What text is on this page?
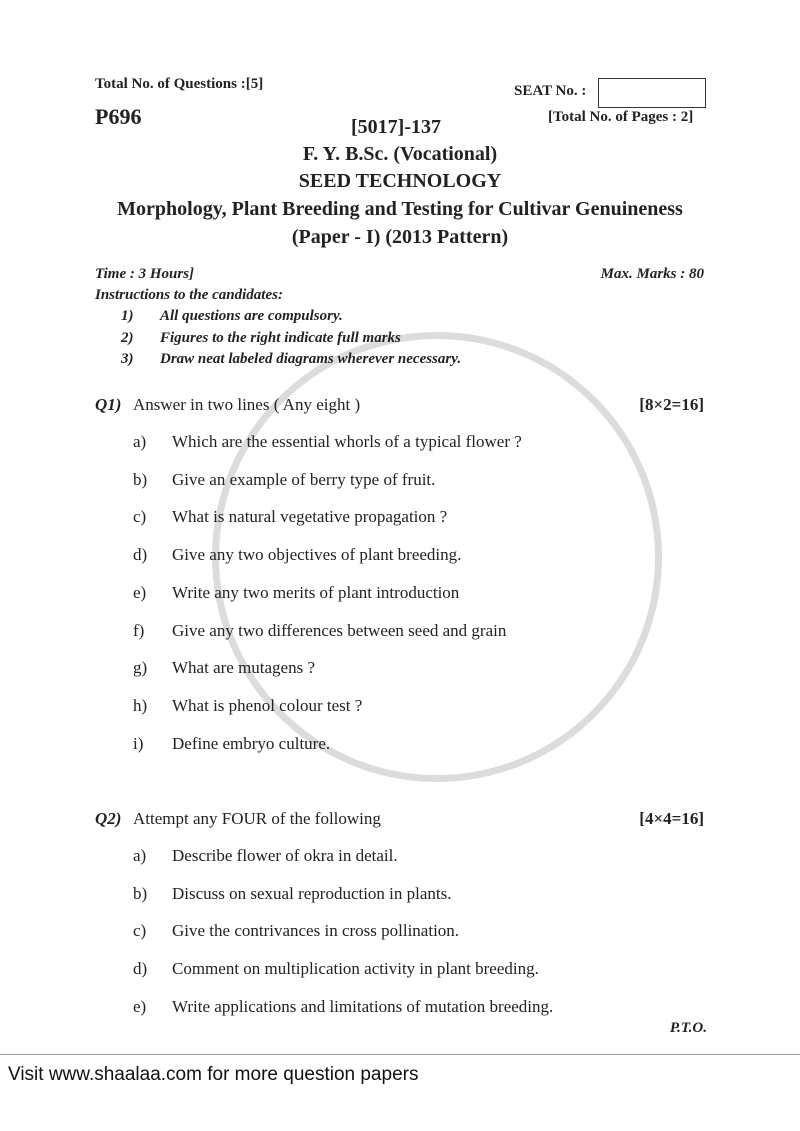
Total No. of Questions :[5]	SEAT No. :
P696	[Total No. of Pages : 2]
[5017]-137
F. Y. B.Sc. (Vocational)
SEED TECHNOLOGY
Morphology, Plant Breeding and Testing for Cultivar Genuineness
(Paper - I) (2013 Pattern)
Time : 3 Hours]	Max. Marks : 80
Instructions to the candidates:
1) All questions are compulsory.
2) Figures to the right indicate full marks
3) Draw neat labeled diagrams wherever necessary.
Q1) Answer in two lines ( Any eight )	[8×2=16]
a) Which are the essential whorls of a typical flower ?
b) Give an example of berry type of fruit.
c) What is natural vegetative propagation ?
d) Give any two objectives of plant breeding.
e) Write any two merits of plant introduction
f) Give any two differences between seed and grain
g) What are mutagens ?
h) What is phenol colour test ?
i) Define embryo culture.
Q2) Attempt any FOUR of the following	[4×4=16]
a) Describe flower of okra in detail.
b) Discuss on sexual reproduction in plants.
c) Give the contrivances in cross pollination.
d) Comment on multiplication activity in plant breeding.
e) Write applications and limitations of mutation breeding.
P.T.O.
Visit www.shaalaa.com for more question papers
